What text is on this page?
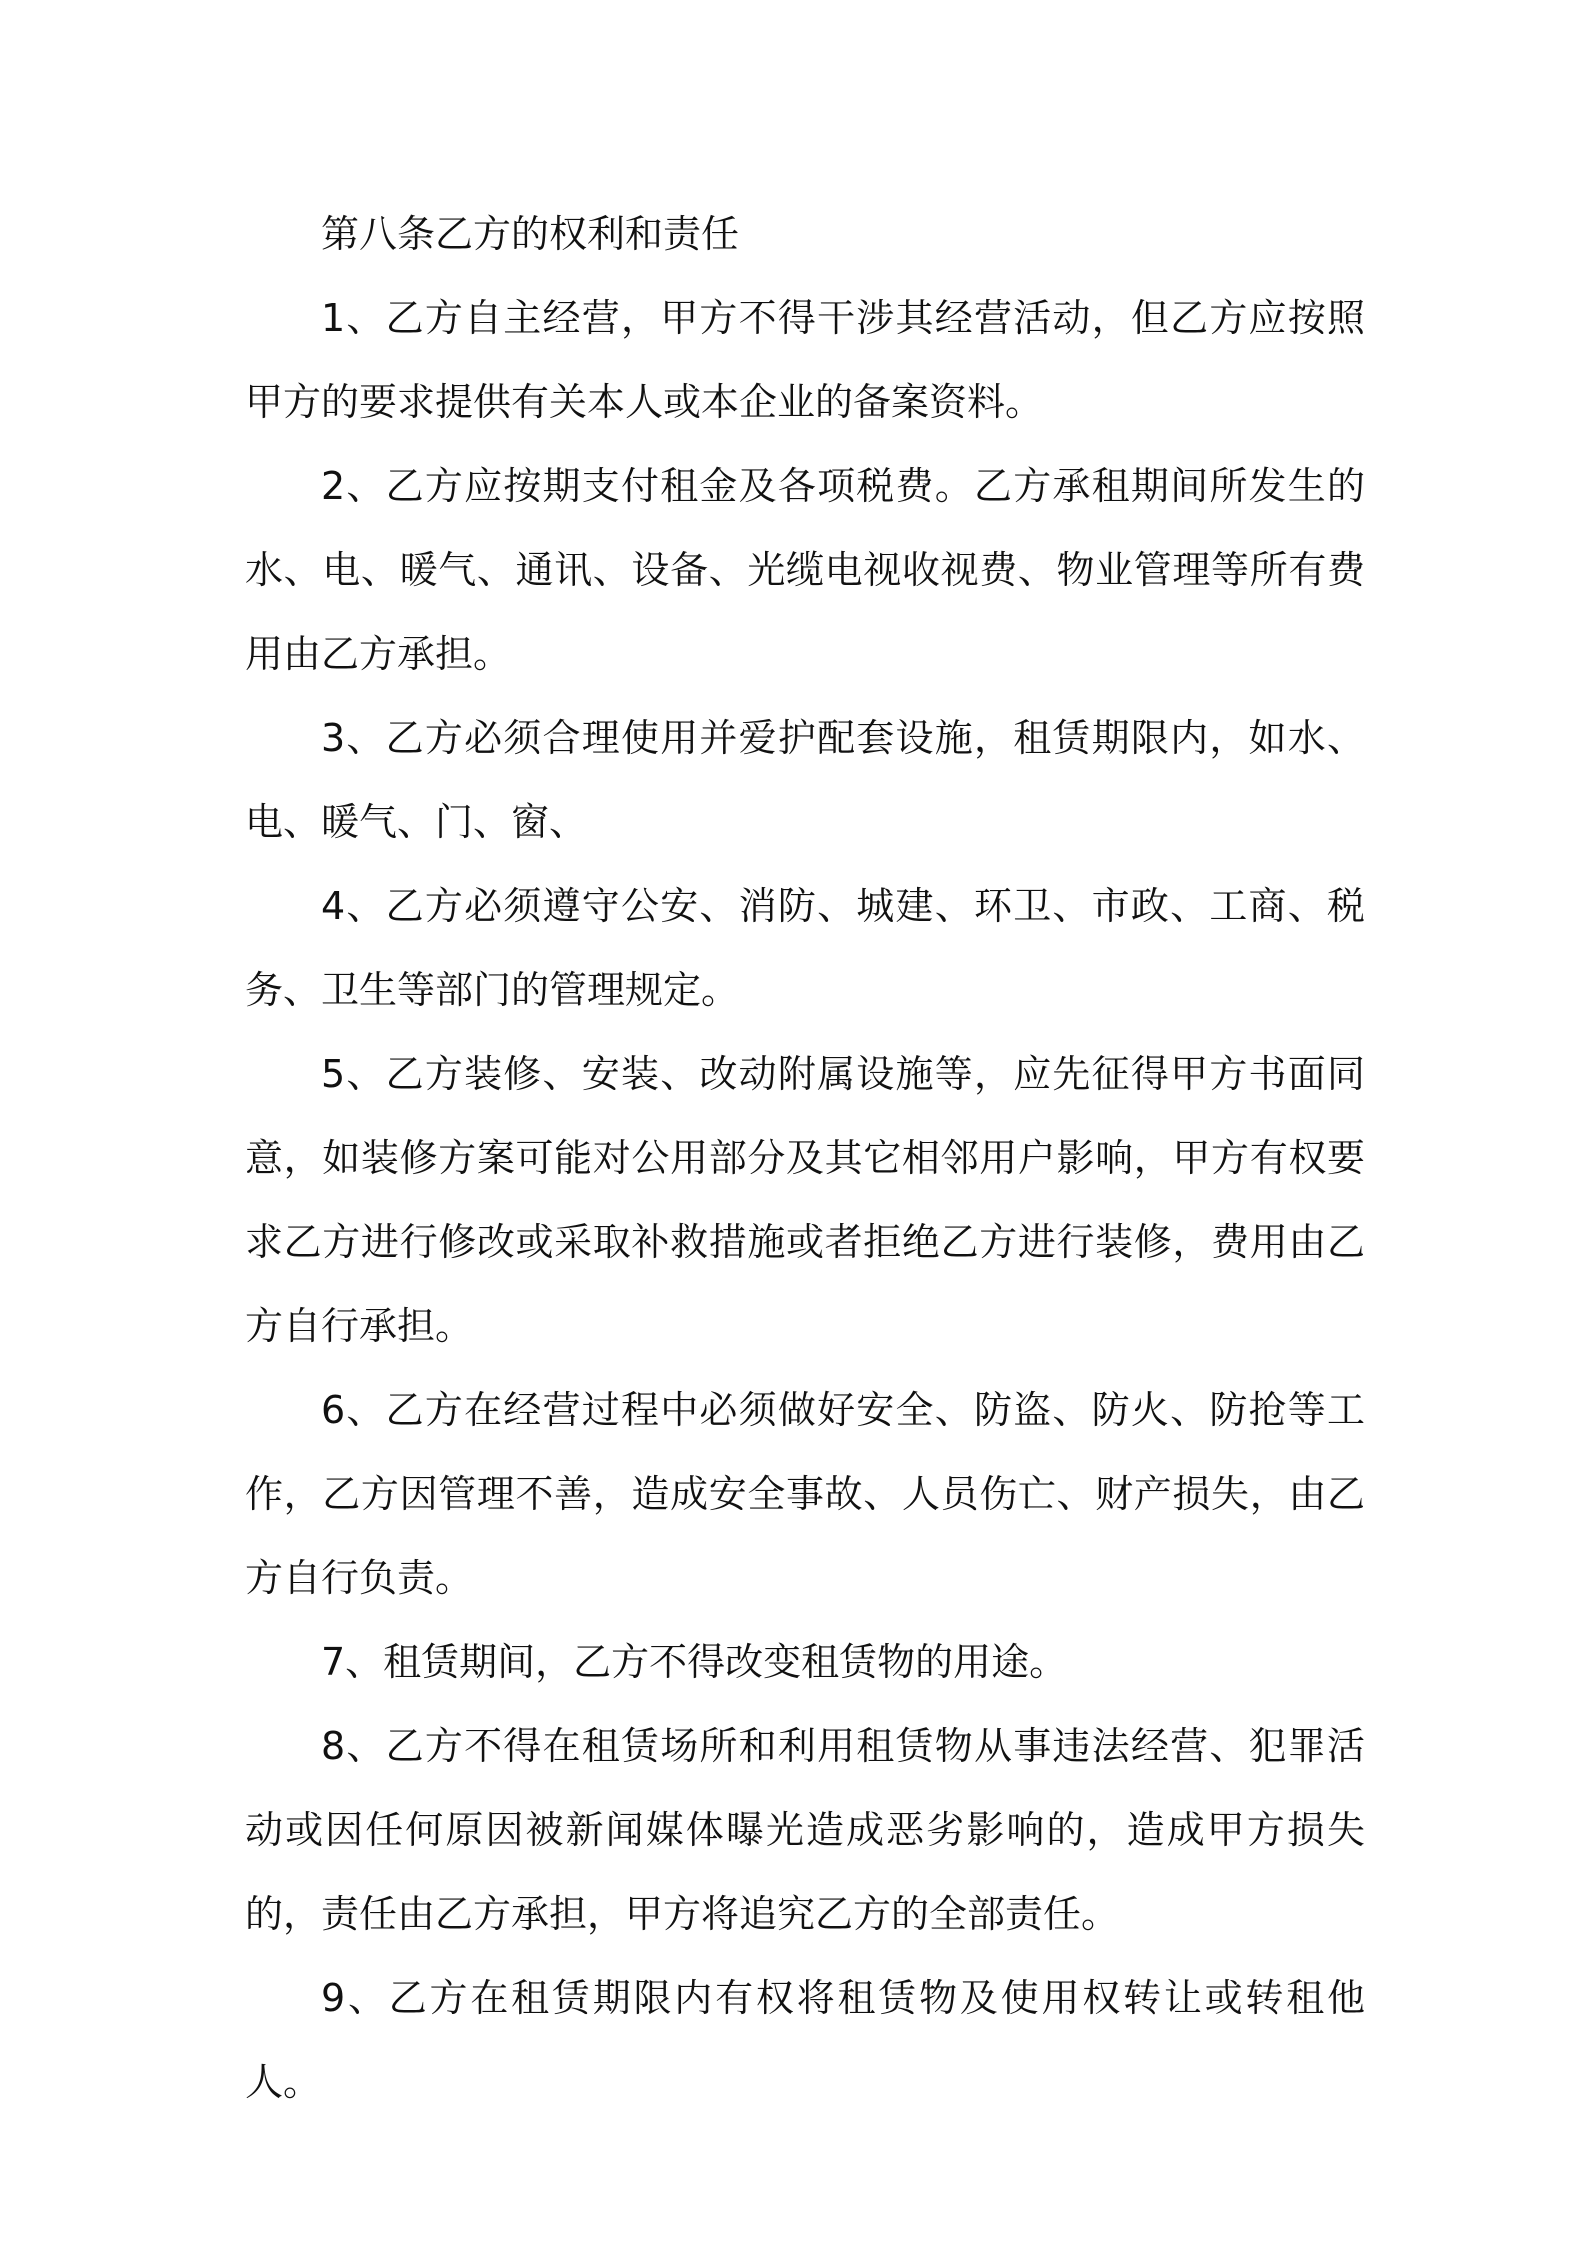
第八条乙方的权利和责任

1、乙方自主经营，甲方不得干涉其经营活动，但乙方应按照甲方的要求提供有关本人或本企业的备案资料。

2、乙方应按期支付租金及各项税费。乙方承租期间所发生的水、电、暖气、通讯、设备、光缆电视收视费、物业管理等所有费用由乙方承担。

3、乙方必须合理使用并爱护配套设施，租赁期限内，如水、电、暖气、门、窗、

4、乙方必须遵守公安、消防、城建、环卫、市政、工商、税务、卫生等部门的管理规定。

5、乙方装修、安装、改动附属设施等，应先征得甲方书面同意，如装修方案可能对公用部分及其它相邻用户影响，甲方有权要求乙方进行修改或采取补救措施或者拒绝乙方进行装修，费用由乙方自行承担。

6、乙方在经营过程中必须做好安全、防盗、防火、防抢等工作，乙方因管理不善，造成安全事故、人员伤亡、财产损失，由乙方自行负责。

7、租赁期间，乙方不得改变租赁物的用途。

8、乙方不得在租赁场所和利用租赁物从事违法经营、犯罪活动或因任何原因被新闻媒体曝光造成恶劣影响的，造成甲方损失的，责任由乙方承担，甲方将追究乙方的全部责任。

9、乙方在租赁期限内有权将租赁物及使用权转让或转租他人。
